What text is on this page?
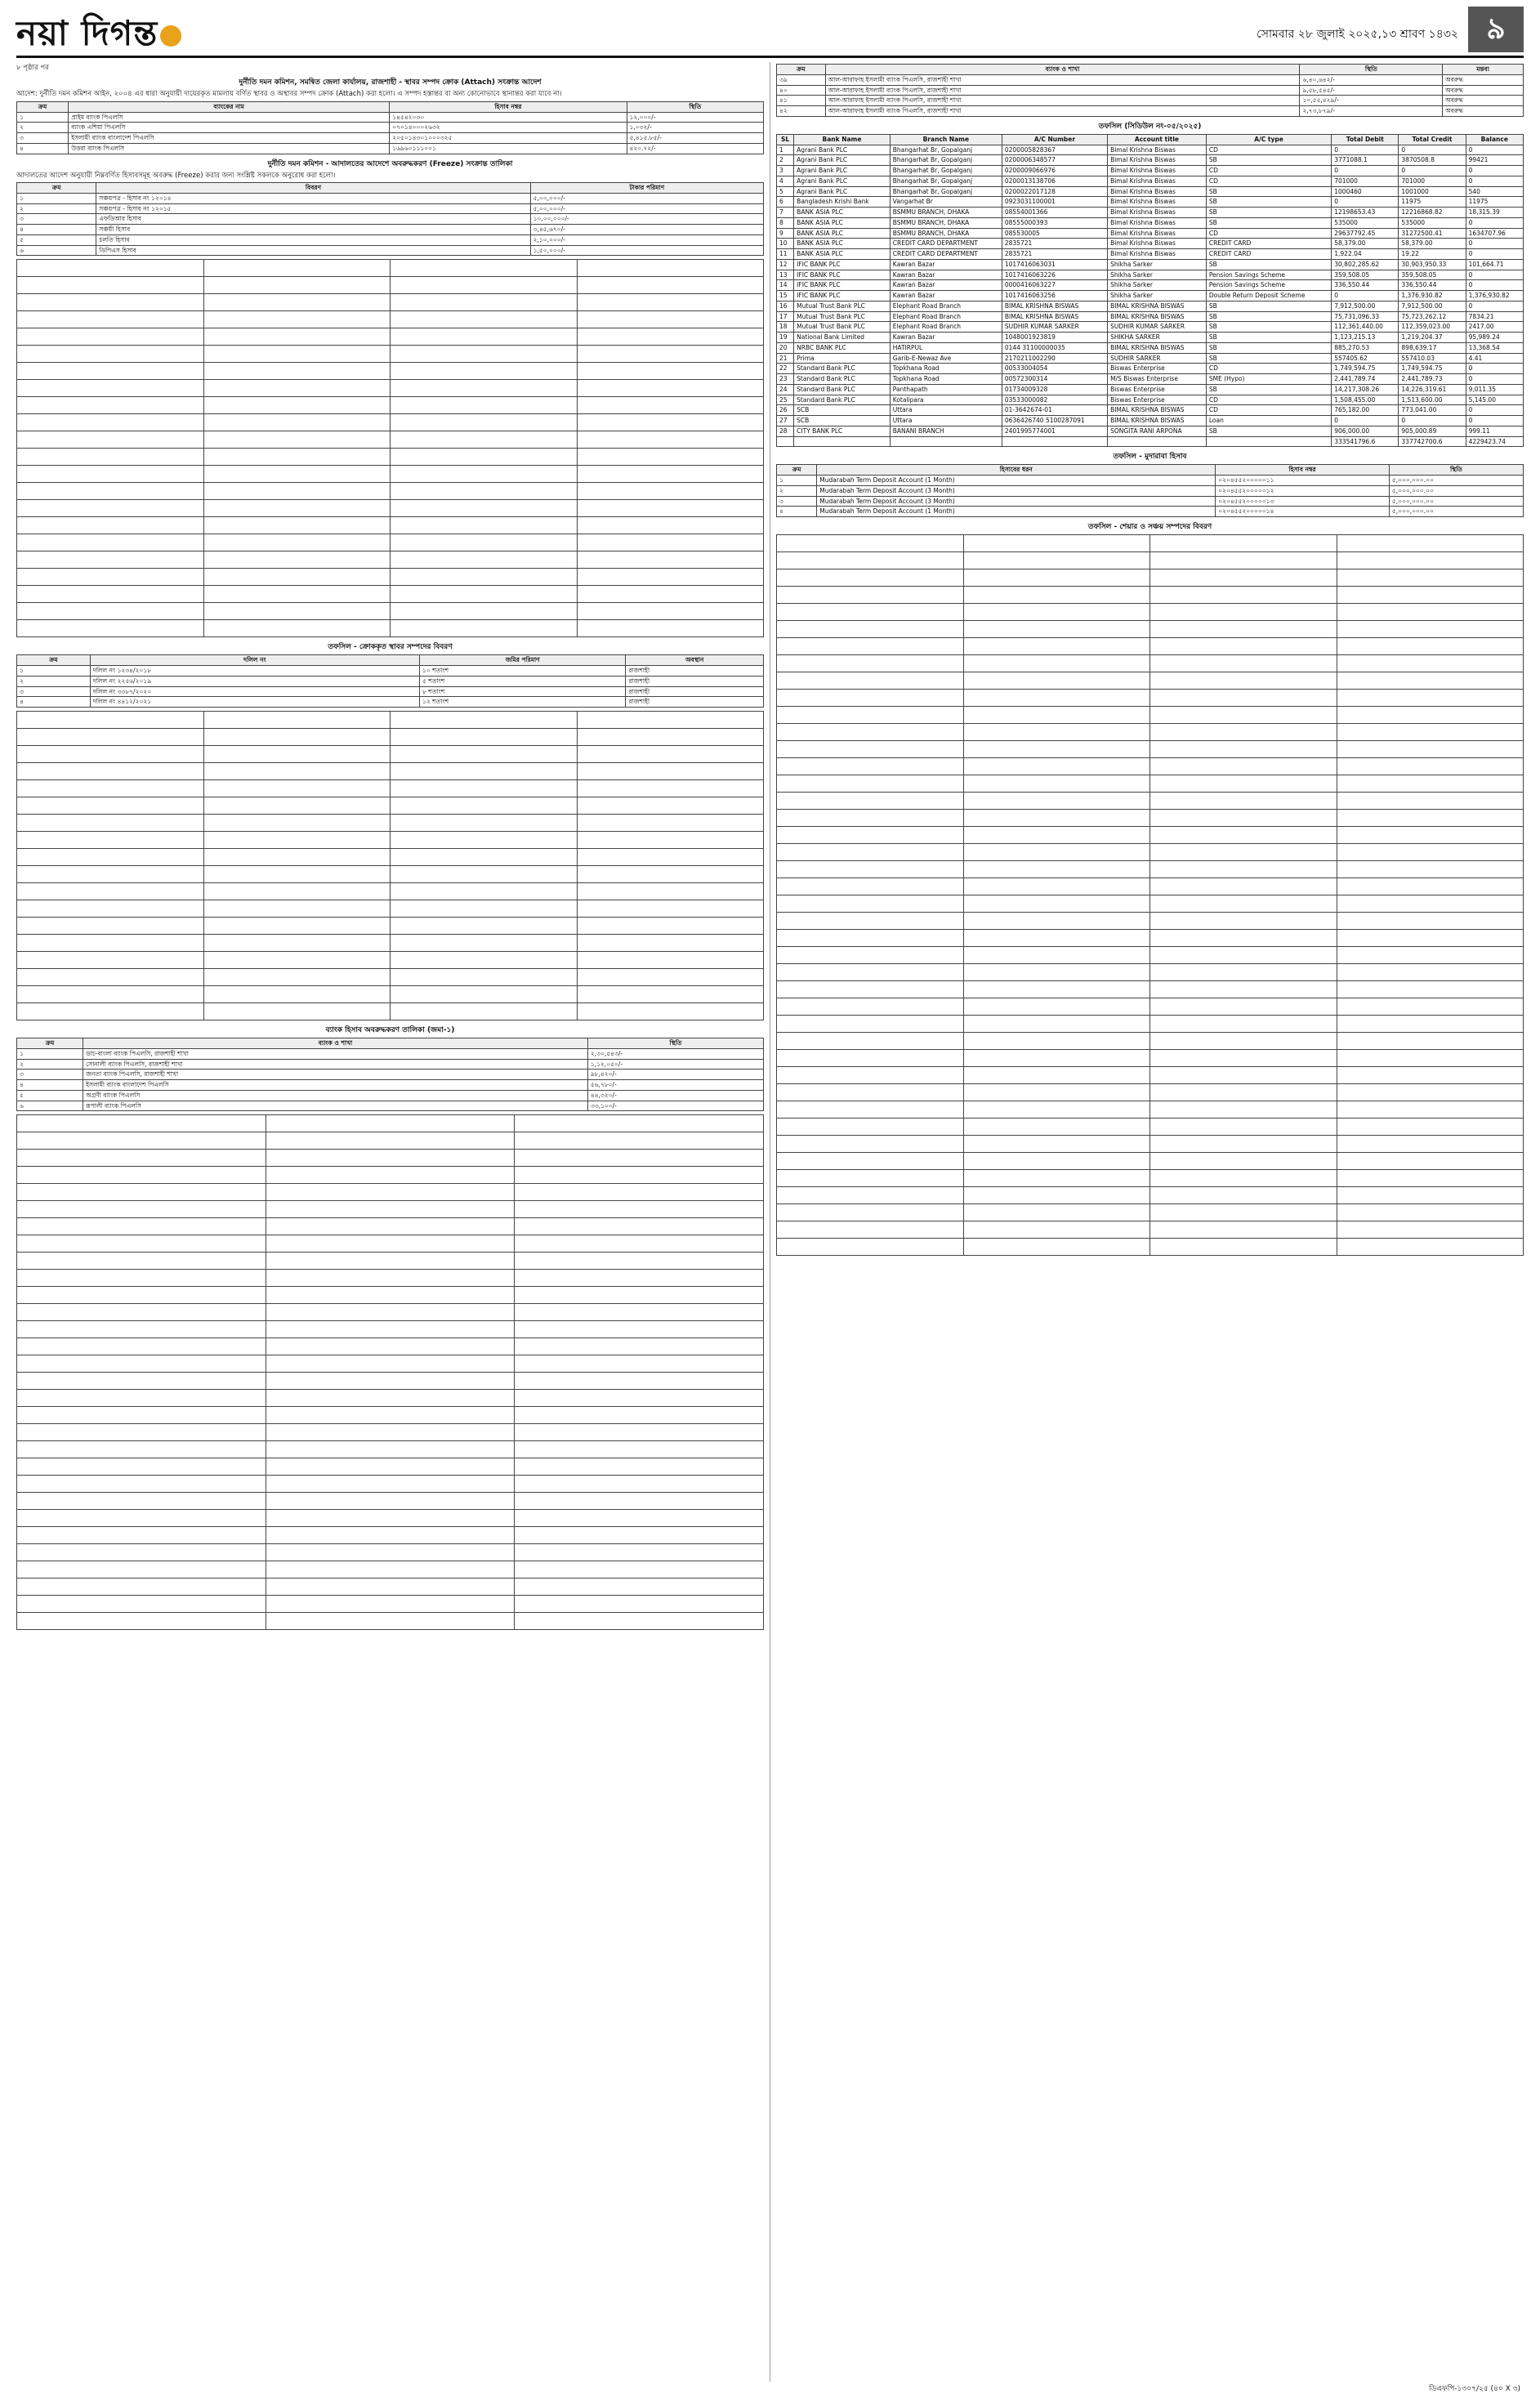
নয়া দিগন্ত	সোমবার ২৮ জুলাই ২০২৫,১৩ শ্রাবণ ১৪৩২ ৯
৮ পৃষ্ঠার পর
দুর্নীতি দমন কমিশন, সমন্বিত জেলা কার্যালয়, রাজশাহী - স্থাবর সম্পদ ক্রোক (Attach) সংক্রান্ত আদেশ
আদেশ: দুর্নীতি দমন কমিশন আইন, ২০০৪ এর ধারা অনুযায়ী দায়েরকৃত মামলায় বর্ণিত স্থাবর ও অস্থাবর সম্পদ ক্রোক (Attach) করা হলো। এ সম্পদ হস্তান্তর বা অন্য কোনোভাবে স্থানান্তর করা যাবে না।
ক্রম	ব্যাংকের নাম	হিসাব নম্বর	স্থিতি
১	প্রাইম ব্যাংক পিএলসি	১৪৫৪২০৩০	১২,০০০/-
২	ব্যাংক এশিয়া পিএলসি	০৭০১৪০০০২৬৩২	১,০৩২/-
৩	ইসলামী ব্যাংক বাংলাদেশ পিএলসি	২০৫০১৪৩০১০০০৩২৫	৫,৪১৫.৮৫/-
৪	উত্তরা ব্যাংক পিএলসি	১৬৯৬০১১১০০১	৪২০.৭২/-
দুর্নীতি দমন কমিশন - আদালতের আদেশে অবরুদ্ধকরণ (Freeze) সংক্রান্ত তালিকা
আদালতের আদেশ অনুযায়ী নিম্নবর্ণিত হিসাবসমূহ অবরুদ্ধ (Freeze) করার জন্য সংশ্লিষ্ট সকলকে অনুরোধ করা হলো।
ক্রম	বিবরণ	টাকার পরিমাণ
১	সঞ্চয়পত্র - হিসাব নং ১২০১৪	৫,০০,০০০/-
২	সঞ্চয়পত্র - হিসাব নং ১২০১৫	৫,০০,০০০/-
৩	এফডিআর হিসাব	১০,০০,০০০/-
৪	সঞ্চয়ী হিসাব	৩,৪৫,৬৭০/-
৫	চলতি হিসাব	২,১০,০০০/-
৬	ডিপিএস হিসাব	১,৫০,০০০/-

তফসিল - ক্রোককৃত স্থাবর সম্পদের বিবরণ
ক্রম	দলিল নং	জমির পরিমাণ	অবস্থান
১	দলিল নং ১২৩৪/২০১৮	১০ শতাংশ	রাজশাহী
২	দলিল নং ২২৫৬/২০১৯	৫ শতাংশ	রাজশাহী
৩	দলিল নং ৩৩৮৭/২০২০	৮ শতাংশ	রাজশাহী
৪	দলিল নং ৪৪১২/২০২১	১২ শতাংশ	রাজশাহী

ব্যাংক হিসাব অবরুদ্ধকরণ তালিকা (জমা-১)
ক্রম	ব্যাংক ও শাখা	স্থিতি
১	ডাচ-বাংলা ব্যাংক পিএলসি, রাজশাহী শাখা	২,৩০,৫৪৩/-
২	সোনালী ব্যাংক পিএলসি, রাজশাহী শাখা	১,১২,০৫০/-
৩	জনতা ব্যাংক পিএলসি, রাজশাহী শাখা	৯৮,৪২০/-
৪	ইসলামী ব্যাংক বাংলাদেশ পিএলসি	৫৬,৭৮০/-
৫	অগ্রণী ব্যাংক পিএলসি	৪৪,৩২০/-
৬	রূপালী ব্যাংক পিএলসি	৩৩,১০০/-

ক্রম	ব্যাংক ও শাখা	স্থিতি	মন্তব্য
৩৯	আল-আরাফাহ ইসলামী ব্যাংক পিএলসি, রাজশাহী শাখা	৬,৪০,৬৪২/-	অবরুদ্ধ
৪০	আল-আরাফাহ ইসলামী ব্যাংক পিএলসি, রাজশাহী শাখা	৯,৫৮,৫৪৫/-	অবরুদ্ধ
৪১	আল-আরাফাহ ইসলামী ব্যাংক পিএলসি, রাজশাহী শাখা	১০,৫৫,৪২৯/-	অবরুদ্ধ
৪২	আল-আরাফাহ ইসলামী ব্যাংক পিএলসি, রাজশাহী শাখা	২,৭৩,৮৭৯/-	অবরুদ্ধ
তফসিল (সিডিউল নং-০৫/২০২৫)
SL	Bank Name	Branch Name	A/C Number	Account title	A/C type	Total Debit	Total Credit	Balance
1	Agrani Bank PLC	Bhangarhat Br, Gopalganj	0200005828367	Bimal Krishna Biswas	CD	0	0	0
2	Agrani Bank PLC	Bhangarhat Br, Gopalganj	0200006348577	Bimal Krishna Biswas	SB	3771088.1	3870508.8	99421
3	Agrani Bank PLC	Bhangarhat Br, Gopalganj	0200009066976	Bimal Krishna Biswas	CD	0	0	0
4	Agrani Bank PLC	Bhangarhat Br, Gopalganj	0200013138706	Bimal Krishna Biswas	CD	701000	701000	0
5	Agrani Bank PLC	Bhangarhat Br, Gopalganj	0200022017128	Bimal Krishna Biswas	SB	1000460	1001000	540
6	Bangladesh Krishi Bank	Vangarhat Br	0923031100001	Bimal Krishna Biswas	SB	0	11975	11975
7	BANK ASIA PLC	BSMMU BRANCH, DHAKA	08554001366	Bimal Krishna Biswas	SB	12198653.43	12216868.82	18,315.39
8	BANK ASIA PLC	BSMMU BRANCH, DHAKA	08555000393	Bimal Krishna Biswas	SB	535000	535000	0
9	BANK ASIA PLC	BSMMU BRANCH, DHAKA	085530005	Bimal Krishna Biswas	CD	29637792.45	31272500.41	1634707.96
10	BANK ASIA PLC	CREDIT CARD DEPARTMENT	2835721	Bimal Krishna Biswas	CREDIT CARD	58,379.00	58,379.00	0
11	BANK ASIA PLC	CREDIT CARD DEPARTMENT	2835721	Bimal Krishna Biswas	CREDIT CARD	1,922.04	19.22	0
12	IFIC BANK PLC	Kawran Bazar	1017416063031	Shikha Sarker	SB	30,802,285.62	30,903,950.33	101,664.71
13	IFIC BANK PLC	Kawran Bazar	1017416063226	Shikha Sarker	Pension Savings Scheme	359,508.05	359,508.05	0
14	IFIC BANK PLC	Kawran Bazar	0000416063227	Shikha Sarker	Pension Savings Scheme	336,550.44	336,550.44	0
15	IFIC BANK PLC	Kawran Bazar	1017416063256	Shikha Sarker	Double Return Deposit Scheme	0	1,376,930.82	1,376,930.82
16	Mutual Trust Bank PLC	Elephant Road Branch	BIMAL KRISHNA BISWAS	BIMAL KRISHNA BISWAS	SB	7,912,500.00	7,912,500.00	0
17	Mutual Trust Bank PLC	Elephant Road Branch	BIMAL KRISHNA BISWAS	BIMAL KRISHNA BISWAS	SB	75,731,096.33	75,723,262.12	7834.21
18	Mutual Trust Bank PLC	Elephant Road Branch	SUDHIR KUMAR SARKER	SUDHIR KUMAR SARKER	SB	112,361,440.00	112,359,023.00	2417.00
19	National Bank Limited	Kawran Bazar	1048001923819	SHIKHA SARKER	SB	1,123,215.13	1,219,204.37	95,989.24
20	NRBC BANK PLC	HATIRPUL	0144 31100000035	BIMAL KRISHNA BISWAS	SB	885,270.53	898,639.17	13,368.54
21	Prima	Garib-E-Newaz Ave	2170211002290	SUDHIR SARKER	SB	557405.62	557410.03	4.41
22	Standard Bank PLC	Topkhana Road	00533004054	Biswas Enterprise	CD	1,749,594.75	1,749,594.75	0
23	Standard Bank PLC	Topkhana Road	00572300314	M/S Biswas Enterprise	SME (Hypo)	2,441,789.74	2,441,789.73	0
24	Standard Bank PLC	Panthapath	01734009328	Biswas Enterprise	SB	14,217,308.26	14,226,319.61	9,011.35
25	Standard Bank PLC	Kotalipara	03533000082	Biswas Enterprise	CD	1,508,455.00	1,513,600.00	5,145.00
26	SCB	Uttara	01-3642674-01	BIMAL KRISHNA BISWAS	CD	765,182.00	773,041.00	0
27	SCB	Uttara	0636426740 5100287091	BIMAL KRISHNA BISWAS	Loan	0	0	0
28	CITY BANK PLC	BANANI BRANCH	2401995774001	SONGITA RANI ARPONA	SB	906,000.00	905,000.89	999.11
						333541796.6	337742700.6	4229423.74
তফসিল - মুদারাবা হিসাব
ক্রম	হিসাবের ধরন	হিসাব নম্বর	স্থিতি
১	Mudarabah Term Deposit Account (1 Month)	০২০৪৫৫২০০০০০১১	৫,০০০,০০০.০০
২	Mudarabah Term Deposit Account (3 Month)	০২০৪৫৫২০০০০০১২	৫,০০০,০০০.০০
৩	Mudarabah Term Deposit Account (3 Month)	০২০৪৫৫২০০০০০১৩	৫,০০০,০০০.০০
৪	Mudarabah Term Deposit Account (1 Month)	০২০৪৫৫২০০০০০১৪	৫,০০০,০০০.০০
তফসিল - শেয়ার ও সঞ্চয় সম্পদের বিবরণ

ডিএফপি-১৩০৭/২৫ (৪০ X ৩)
